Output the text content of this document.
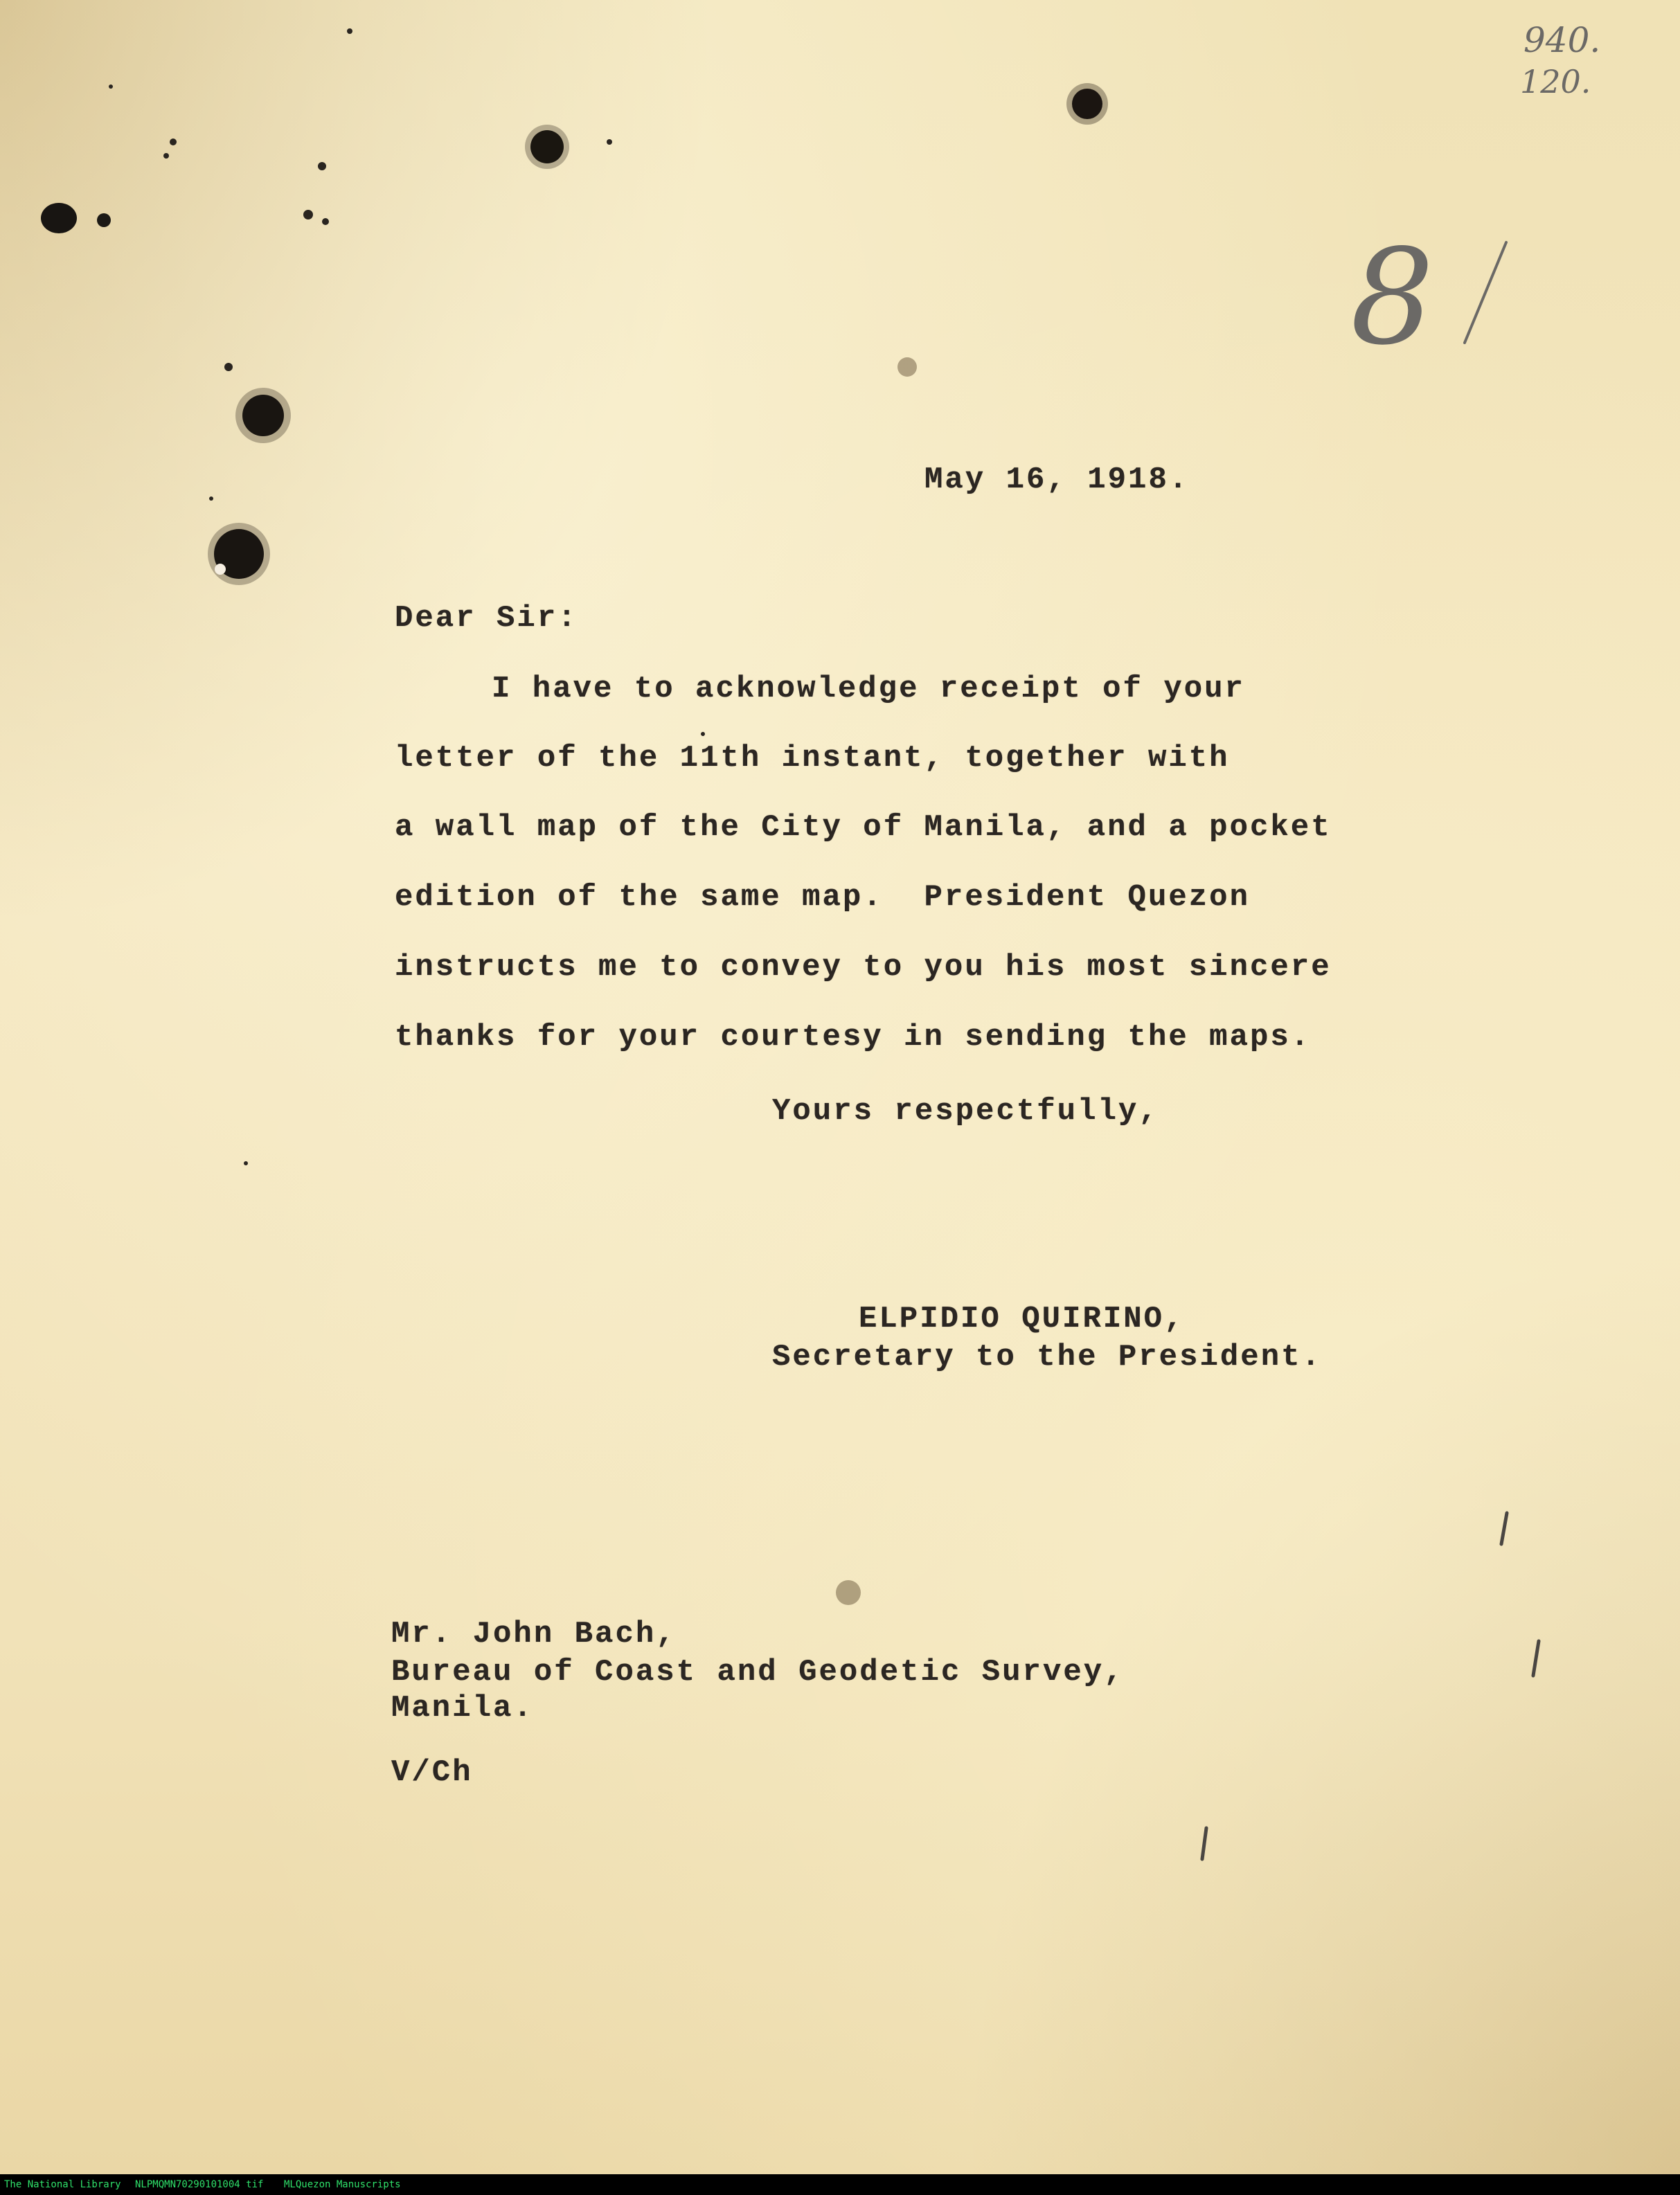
940.

120.

8

May 16, 1918.

Dear Sir:

I have to acknowledge receipt of your

letter of the 11th instant, together with

a wall map of the City of Manila, and a pocket

edition of the same map.  President Quezon

instructs me to convey to you his most sincere

thanks for your courtesy in sending the maps.

Yours respectfully,

ELPIDIO QUIRINO,

Secretary to the President.

Mr. John Bach,

Bureau of Coast and Geodetic Survey,

Manila.

V/Ch

The National Library NLPMQMN70290101004 tif MLQuezon Manuscripts
